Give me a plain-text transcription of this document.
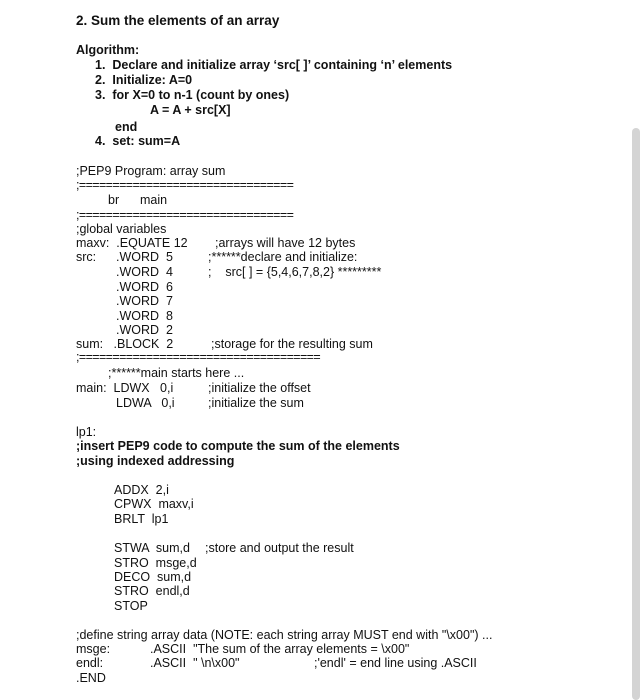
2. Sum the elements of an array
Algorithm:
1.  Declare and initialize array ‘src[ ]’ containing ‘n’ elements
2.  Initialize: A=0
3.  for X=0 to n-1 (count by ones)
A = A + src[X]
end
4.  set: sum=A
;PEP9 Program: array sum
;================================
br      main
;================================
;global variables
maxv:  .EQUATE 12 ;arrays will have 12 bytes
src: .WORD  5	;******declare and initialize:
.WORD  4	;    src[ ] = {5,4,6,7,8,2} *********
.WORD  6
.WORD  7
.WORD  8
.WORD  2
sum:   .BLOCK  2	;storage for the resulting sum
;====================================
;******main starts here ...
main:  LDWX   0,i	;initialize the offset
LDWA   0,i	;initialize the sum
lp1:
;insert PEP9 code to compute the sum of the elements
;using indexed addressing
ADDX  2,i
CPWX  maxv,i
BRLT  lp1
STWA  sum,d ;store and output the result
STRO  msge,d
DECO  sum,d
STRO  endl,d
STOP
;define string array data (NOTE: each string array MUST end with "\x00") ...
msge:	.ASCII  "The sum of the array elements = \x00"
endl:	.ASCII  " \n\x00"	;'endl' = end line using .ASCII
.END
